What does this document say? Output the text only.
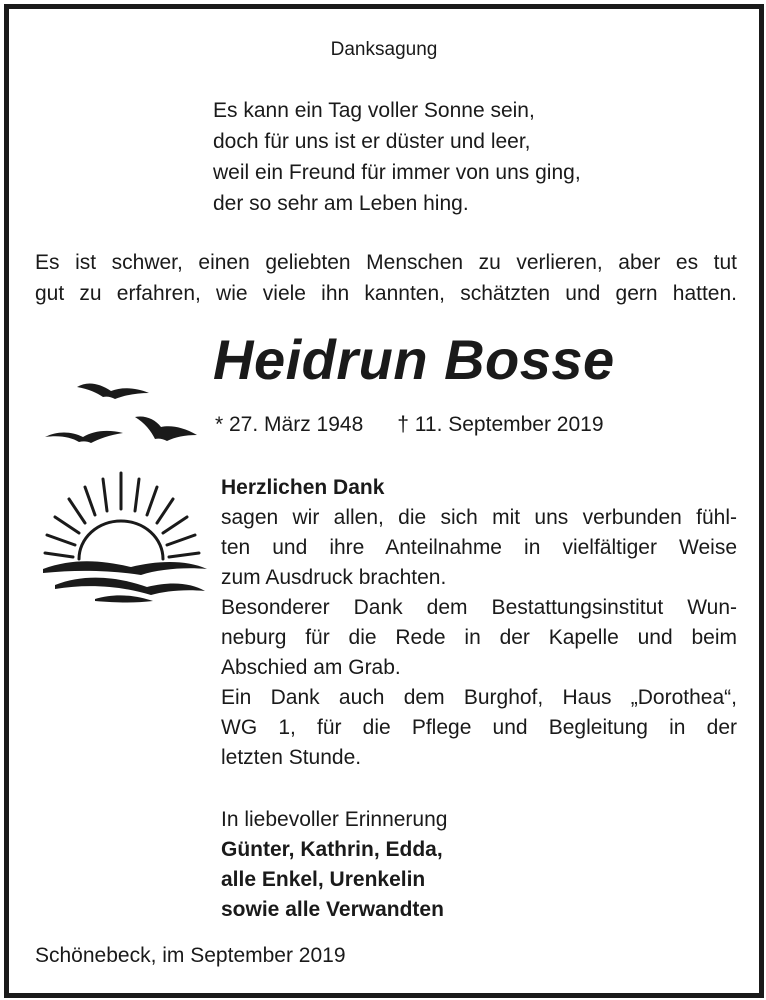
Danksagung
Es kann ein Tag voller Sonne sein,
doch für uns ist er düster und leer,
weil ein Freund für immer von uns ging,
der so sehr am Leben hing.
Es ist schwer, einen geliebten Menschen zu verlieren, aber es tut
gut zu erfahren, wie viele ihn kannten, schätzten und gern hatten.
Heidrun Bosse
* 27. März 1948 † 11. September 2019
Herzlichen Dank
sagen wir allen, die sich mit uns verbunden fühl-
ten und ihre Anteilnahme in vielfältiger Weise
zum Ausdruck brachten.
Besonderer Dank dem Bestattungsinstitut Wun-
neburg für die Rede in der Kapelle und beim
Abschied am Grab.
Ein Dank auch dem Burghof, Haus „Dorothea“,
WG 1, für die Pflege und Begleitung in der
letzten Stunde.
In liebevoller Erinnerung
Günter, Kathrin, Edda,
alle Enkel, Urenkelin
sowie alle Verwandten
Schönebeck, im September 2019
